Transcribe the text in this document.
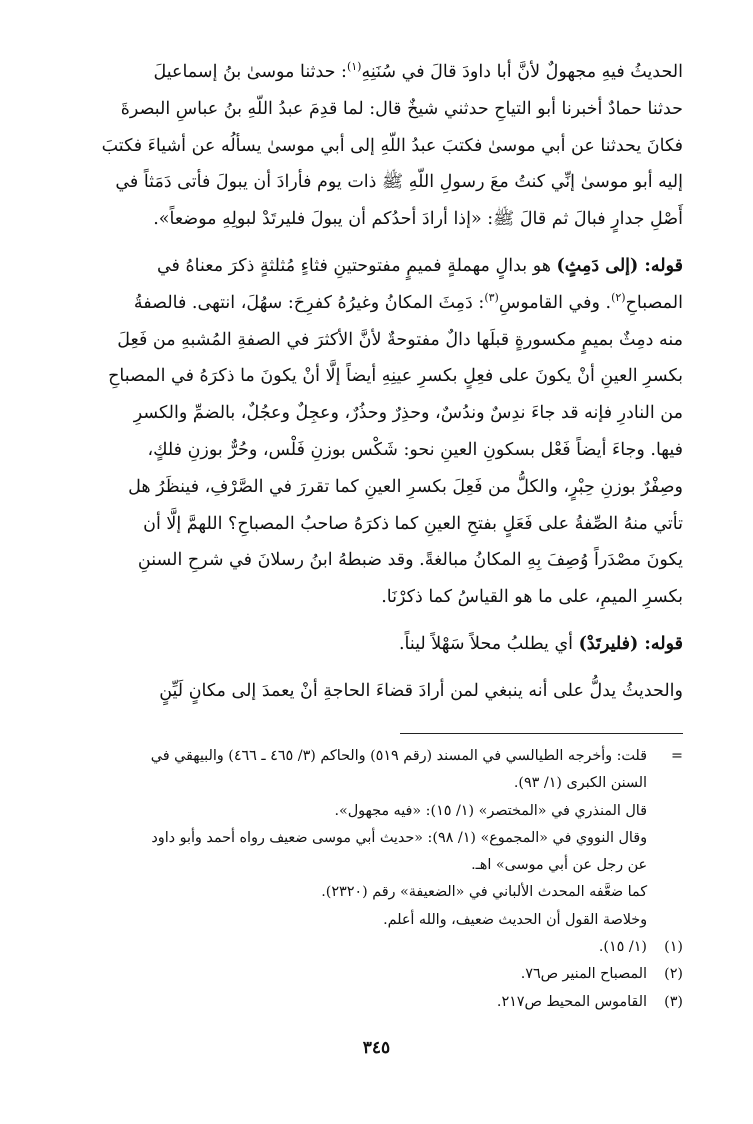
الحديثُ فيهِ مجهولٌ لأنَّ أبا داودَ قالَ في سُنَنِهِ$^{(١)}$: حدثنا موسىٰ بنُ إسماعيلَ
حدثنا حمادٌ أخبرنا أبو التياحِ حدثني شيخٌ قال: لما قدِمَ عبدُ اللّهِ بنُ عباسِ البصرةَ
فكانَ يحدثنا عن أبي موسىٰ فكتبَ عبدُ اللّهِ إلى أبي موسىٰ يسألُه عن أشياءَ فكتبَ
إليه أبو موسىٰ إنِّي كنتُ معَ رسولِ اللّهِ ﷺ ذات يوم فأرادَ أن يبولَ فأتى دَمَثاً في
أَصْلِ جدارٍ فبالَ ثم قالَ ﷺ: «إذا أرادَ أحدُكم أن يبولَ فليرتَدْ لبولِهِ موضعاً».
قوله: (إلى دَمِثٍ) هو بدالٍ مهملةٍ فميمٍ مفتوحتينِ فثاءٍ مُثلثةٍ ذكرَ معناهُ في
المصباحِ$^{(٢)}$. وفي القاموسِ$^{(٣)}$: دَمِثَ المكانُ وغيرُهُ كفرِحَ: سهُلَ، انتهى. فالصفةُ
منه دمِثٌ بميمٍ مكسورةٍ قبلَها دالٌ مفتوحةٌ لأنَّ الأكثرَ في الصفةِ المُشبهِ من فَعِلَ
بكسرِ العينِ أنْ يكونَ على فعِلٍ بكسرِ عينِهِ أيضاً إلَّا أنْ يكونَ ما ذكرَهُ في المصباحِ
من النادرِ فإنه قد جاءَ ندِسٌ وندُسٌ، وحذِرٌ وحذُرٌ، وعجِلٌ وعجُلٌ، بالضمِّ والكسرِ
فيها. وجاءَ أيضاً فَعْل بسكونِ العينِ نحو: شَكْس بوزنِ فَلْس، وحُرٌّ بوزنِ فلكٍ،
وصِفْرٌ بوزنِ حِبْرٍ، والكلُّ من فَعِلَ بكسرِ العينِ كما تقررَ في الصَّرْفِ، فينظَرُ هل
تأتي منهُ الصِّفةُ على فَعَلٍ بفتحِ العينِ كما ذكرَهُ صاحبُ المصباحِ؟ اللهمَّ إلَّا أن
يكونَ مصْدَراً وُصِفَ بِهِ المكانُ مبالغةً. وقد ضبطهُ ابنُ رسلانَ في شرحِ السننِ
بكسرِ الميمِ، على ما هو القياسُ كما ذكرْنَا.
قوله: (فليرتَدْ) أي يطلبُ محلاً سَهْلاً ليناً.
والحديثُ يدلُّ على أنه ينبغي لمن أرادَ قضاءَ الحاجةِ أنْ يعمدَ إلى مكانٍ لَيِّنٍ
=
قلت: وأخرجه الطيالسي في المسند (رقم ٥١٩) والحاكم (٣/ ٤٦٥ ـ ٤٦٦) والبيهقي في
السنن الكبرى (١/ ٩٣).
قال المنذري في «المختصر» (١/ ١٥): «فيه مجهول».
وقال النووي في «المجموع» (١/ ٩٨): «حديث أبي موسى ضعيف رواه أحمد وأبو داود
عن رجل عن أبي موسى» اهـ.
كما ضعَّفه المحدث الألباني في «الضعيفة» رقم (٢٣٢٠).
وخلاصة القول أن الحديث ضعيف، والله أعلم.
(١)
(١/ ١٥).
(٢)
المصباح المنير ص٧٦.
(٣)
القاموس المحيط ص٢١٧.
٣٤٥
